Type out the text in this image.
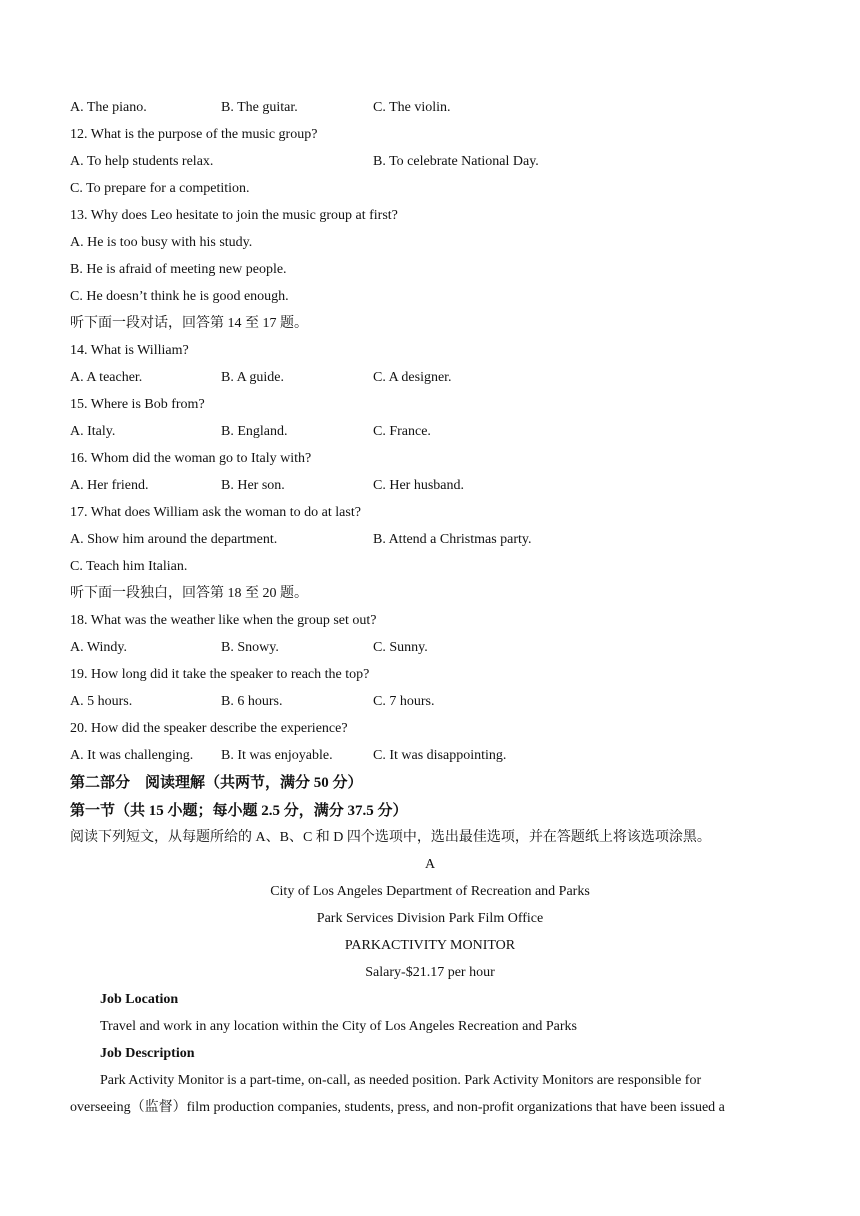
A. The piano.	B. The guitar.	C. The violin.
12. What is the purpose of the music group?
A. To help students relax.	B. To celebrate National Day.
C. To prepare for a competition.
13. Why does Leo hesitate to join the music group at first?
A. He is too busy with his study.
B. He is afraid of meeting new people.
C. He doesn’t think he is good enough.
听下面一段对话，回答第 14 至 17 题。
14. What is William?
A. A teacher.	B. A guide.	C. A designer.
15. Where is Bob from?
A. Italy.	B. England.	C. France.
16. Whom did the woman go to Italy with?
A. Her friend.	B. Her son.	C. Her husband.
17. What does William ask the woman to do at last?
A. Show him around the department.	B. Attend a Christmas party.
C. Teach him Italian.
听下面一段独白，回答第 18 至 20 题。
18. What was the weather like when the group set out?
A. Windy.	B. Snowy.	C. Sunny.
19. How long did it take the speaker to reach the top?
A. 5 hours.	B. 6 hours.	C. 7 hours.
20. How did the speaker describe the experience?
A. It was challenging. B. It was enjoyable.	C. It was disappointing.
第二部分　阅读理解（共两节，满分 50 分）
第一节（共 15 小题；每小题 2.5 分，满分 37.5 分）
阅读下列短文，从每题所给的 A、B、C 和 D 四个选项中，选出最佳选项，并在答题纸上将该选项涂黑。
A
City of Los Angeles Department of Recreation and Parks
Park Services Division Park Film Office
PARKACTIVITY MONITOR
Salary-$21.17 per hour
Job Location
Travel and work in any location within the City of Los Angeles Recreation and Parks
Job Description
Park Activity Monitor is a part-time, on-call, as needed position. Park Activity Monitors are responsible for
overseeing（监督）film production companies, students, press, and non-profit organizations that have been issued a
